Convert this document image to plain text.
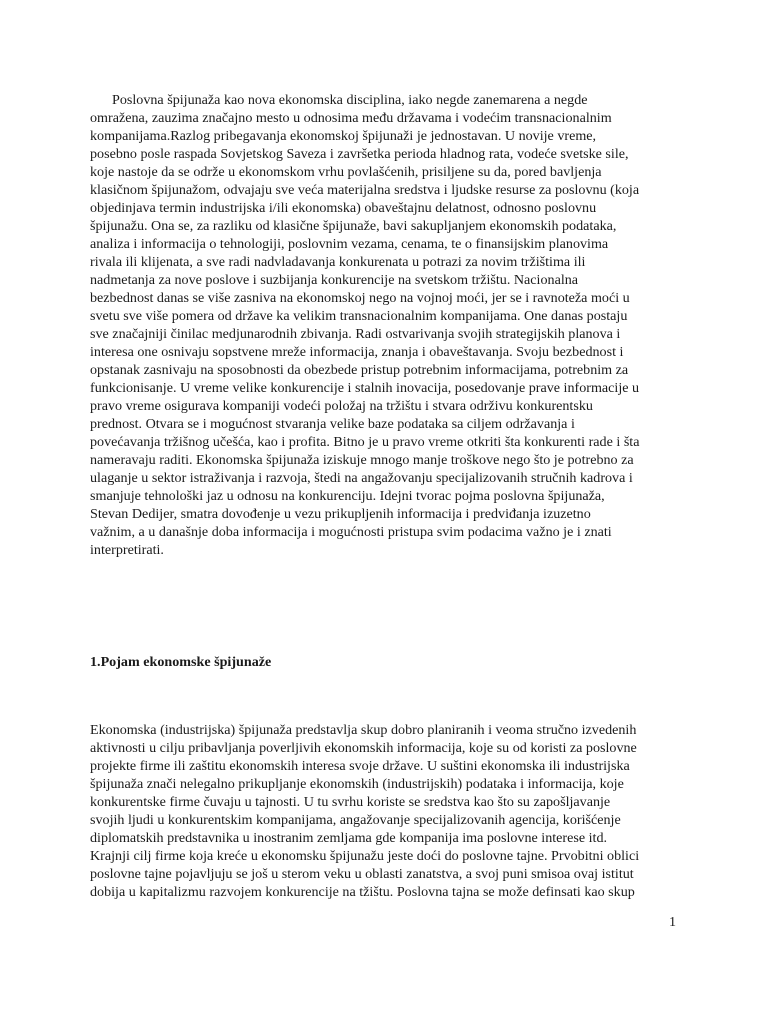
Poslovna špijunaža kao nova ekonomska disciplina, iako negde zanemarena a negde
omražena, zauzima značajno mesto u odnosima među državama i vodećim transnacionalnim
kompanijama.Razlog pribegavanja ekonomskoj špijunaži je jednostavan. U novije vreme,
posebno posle raspada Sovjetskog Saveza i završetka perioda hladnog rata, vodeće svetske sile,
koje nastoje da se održe u ekonomskom vrhu povlašćenih, prisiljene su da, pored bavljenja
klasičnom špijunažom, odvajaju sve veća materijalna sredstva i ljudske resurse za poslovnu (koja
objedinjava termin industrijska i/ili ekonomska) obaveštajnu delatnost, odnosno poslovnu
špijunažu. Ona se, za razliku od klasične špijunaže, bavi sakupljanjem ekonomskih podataka,
analiza i informacija o tehnologiji, poslovnim vezama, cenama, te o finansijskim planovima
rivala ili klijenata, a sve radi nadvladavanja konkurenata u potrazi za novim tržištima ili
nadmetanja za nove poslove i suzbijanja konkurencije na svetskom tržištu. Nacionalna
bezbednost danas se više zasniva na ekonomskoj nego na vojnoj moći, jer se i ravnoteža moći u
svetu sve više pomera od države ka velikim transnacionalnim kompanijama. One danas postaju
sve značajniji činilac medjunarodnih zbivanja. Radi ostvarivanja svojih strategijskih planova i
interesa one osnivaju sopstvene mreže informacija, znanja i obaveštavanja. Svoju bezbednost i
opstanak zasnivaju na sposobnosti da obezbede pristup potrebnim informacijama, potrebnim za
funkcionisanje. U vreme velike konkurencije i stalnih inovacija, posedovanje prave informacije u
pravo vreme osigurava kompaniji vodeći položaj na tržištu i stvara održivu konkurentsku
prednost. Otvara se i mogućnost stvaranja velike baze podataka sa ciljem održavanja i
povećavanja tržišnog učešća, kao i profita. Bitno je u pravo vreme otkriti šta konkurenti rade i šta
nameravaju raditi. Ekonomska špijunaža iziskuje mnogo manje troškove nego što je potrebno za
ulaganje u sektor istraživanja i razvoja, štedi na angažovanju specijalizovanih stručnih kadrova i
smanjuje tehnološki jaz u odnosu na konkurenciju. Idejni tvorac pojma poslovna špijunaža,
Stevan Dedijer, smatra dovođenje u vezu prikupljenih informacija i predviđanja izuzetno
važnim, a u današnje doba informacija i mogućnosti pristupa svim podacima važno je i znati
interpretirati.
1.Pojam ekonomske špijunaže
Ekonomska (industrijska) špijunaža predstavlja skup dobro planiranih i veoma stručno izvedenih
aktivnosti u cilju pribavljanja poverljivih ekonomskih informacija, koje su od koristi za poslovne
projekte firme ili zaštitu ekonomskih interesa svoje države. U suštini ekonomska ili industrijska
špijunaža znači nelegalno prikupljanje ekonomskih (industrijskih) podataka i informacija, koje
konkurentske firme čuvaju u tajnosti. U tu svrhu koriste se sredstva kao što su zapošljavanje
svojih ljudi u konkurentskim kompanijama, angažovanje specijalizovanih agencija, korišćenje
diplomatskih predstavnika u inostranim zemljama gde kompanija ima poslovne interese itd.
Krajnji cilj firme koja kreće u ekonomsku špijunažu jeste doći do poslovne tajne. Prvobitni oblici
poslovne tajne pojavljuju se još u sterom veku u oblasti zanatstva, a svoj puni smisoa ovaj istitut
dobija u kapitalizmu razvojem konkurencije na tžištu. Poslovna tajna se može definsati kao skup
1
